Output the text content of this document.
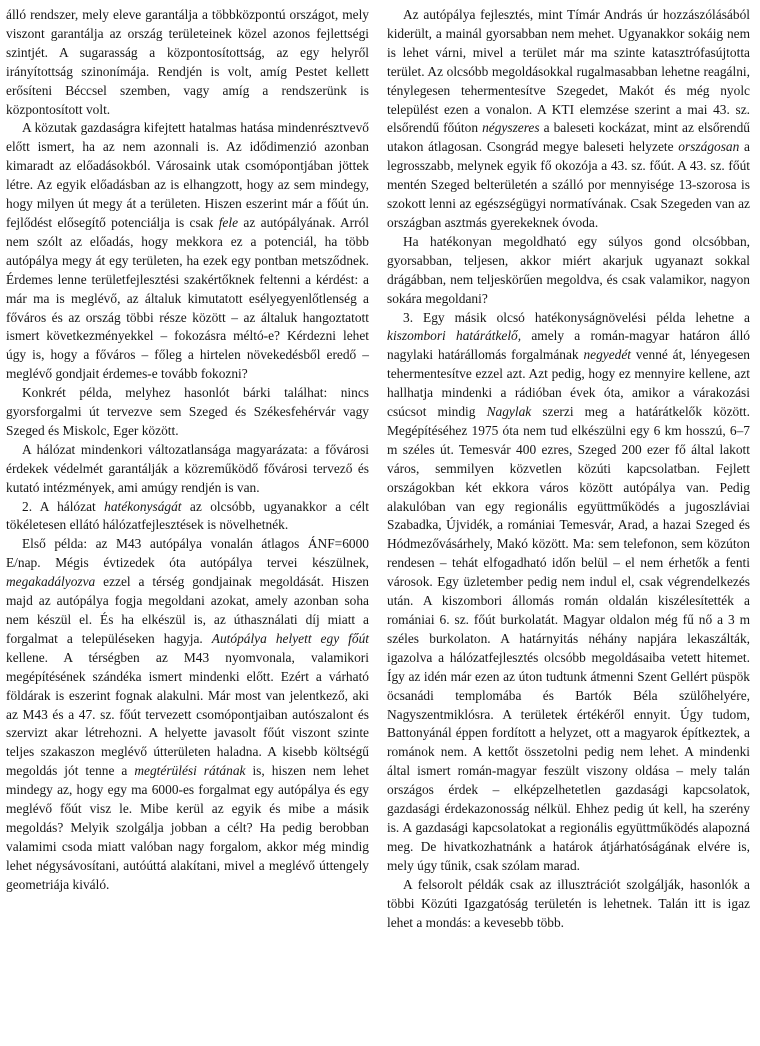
álló rendszer, mely eleve garantálja a többközpontú országot, mely viszont garantálja az ország területeinek közel azonos fejlettségi szintjét. A sugarasság a központosítottság, az egy helyről irányítottság szinonímája. Rendjén is volt, amíg Pestet kellett erősíteni Béccsel szemben, vagy amíg a rendszerünk is központosított volt.

A közutak gazdaságra kifejtett hatalmas hatása mindenrésztvevő előtt ismert, ha az nem azonnali is. Az idődimenzió azonban kimaradt az előadásokból. Városaink utak csomópontjában jöttek létre. Az egyik előadásban az is elhangzott, hogy az sem mindegy, hogy milyen út megy át a területen. Hiszen eszerint már a főút ún. fejlődést elősegítő potenciálja is csak fele az autópályának. Arról nem szólt az előadás, hogy mekkora ez a potenciál, ha több autópálya megy át egy területen, ha ezek egy pontban metsződnek. Érdemes lenne területfejlesztési szakértőknek feltenni a kérdést: a már ma is meglévő, az általuk kimutatott esélyegyenlőtlenség a főváros és az ország többi része között – az általuk hangoztatott ismert következményekkel – fokozásra méltó-e? Kérdezni lehet úgy is, hogy a főváros – főleg a hirtelen növekedésből eredő – meglévő gondjait érdemes-e tovább fokozni?

Konkrét példa, melyhez hasonlót bárki találhat: nincs gyorsforgalmi út tervezve sem Szeged és Székesfehérvár vagy Szeged és Miskolc, Eger között.

A hálózat mindenkori változatlansága magyarázata: a fővárosi érdekek védelmét garantálják a közreműködő fővárosi tervező és kutató intézmények, ami amúgy rendjén is van.

2. A hálózat hatékonyságát az olcsóbb, ugyanakkor a célt tökéletesen ellátó hálózatfejlesztések is növelhetnék.

Első példa: az M43 autópálya vonalán átlagos ÁNF=6000 E/nap. Mégis évtizedek óta autópálya tervei készülnek, megakadályozva ezzel a térség gondjainak megoldását. Hiszen majd az autópálya fogja megoldani azokat, amely azonban soha nem készül el. És ha elkészül is, az úthasználati díj miatt a forgalmat a településeken hagyja. Autópálya helyett egy főút kellene. A térségben az M43 nyomvonala, valamikori megépítésének szándéka ismert mindenki előtt. Ezért a várható földárak is eszerint fognak alakulni. Már most van jelentkező, aki az M43 és a 47. sz. főút tervezett csomópontjaiban autószalont és szervizt akar létrehozni. A helyette javasolt főút viszont szinte teljes szakaszon meglévő útterületen haladna. A kisebb költségű megoldás jót tenne a megtérülési rátának is, hiszen nem lehet mindegy az, hogy egy ma 6000-es forgalmat egy autópálya és egy meglévő főút visz le. Mibe kerül az egyik és mibe a másik megoldás? Melyik szolgálja jobban a célt? Ha pedig berobban valamimi csoda miatt valóban nagy forgalom, akkor még mindig lehet négysávosítani, autóúttá alakítani, mivel a meglévő úttengely geometriája kiváló.

Az autópálya fejlesztés, mint Tímár András úr hozzászólásából kiderült, a mainál gyorsabban nem mehet. Ugyanakkor sokáig nem is lehet várni, mivel a terület már ma szinte katasztrófasújtotta terület. Az olcsóbb megoldásokkal rugalmasabban lehetne reagálni, ténylegesen tehermentesítve Szegedet, Makót és még nyolc települést ezen a vonalon. A KTI elemzése szerint a mai 43. sz. elsőrendű főúton négyszeres a baleseti kockázat, mint az elsőrendű utakon átlagosan. Csongrád megye baleseti helyzete országosan a legrosszabb, melynek egyik fő okozója a 43. sz. főút. A 43. sz. főút mentén Szeged belterületén a szálló por mennyisége 13-szorosa is szokott lenni az egészségügyi normatívának. Csak Szegeden van az országban asztmás gyerekeknek óvoda.

Ha hatékonyan megoldható egy súlyos gond olcsóbban, gyorsabban, teljesen, akkor miért akarjuk ugyanazt sokkal drágábban, nem teljeskörűen megoldva, és csak valamikor, nagyon sokára megoldani?

3. Egy másik olcsó hatékonyságnövelési példa lehetne a kiszombori határátkelő, amely a román-magyar határon álló nagylaki határállomás forgalmának negyedét venné át, lényegesen tehermentesítve ezzel azt. Azt pedig, hogy ez mennyire kellene, azt hallhatja mindenki a rádióban évek óta, amikor a várakozási csúcsot mindig Nagylak szerzi meg a határátkelők között. Megépítéséhez 1975 óta nem tud elkészülni egy 6 km hosszú, 6–7 m széles út. Temesvár 400 ezres, Szeged 200 ezer fő által lakott város, semmilyen közvetlen közúti kapcsolatban. Fejlett országokban két ekkora város között autópálya van. Pedig alakulóban van egy regionális együttműködés a jugoszláviai Szabadka, Újvidék, a romániai Temesvár, Arad, a hazai Szeged és Hódmezővásárhely, Makó között. Ma: sem telefonon, sem közúton rendesen – tehát elfogadható időn belül – el nem érhetők a fenti városok. Egy üzletember pedig nem indul el, csak végrendelkezés után. A kiszombori állomás román oldalán kiszélesítették a romániai 6. sz. főút burkolatát. Magyar oldalon még fű nő a 3 m széles burkolaton. A határnyitás néhány napjára lekaszálták, igazolva a hálózatfejlesztés olcsóbb megoldásaiba vetett hitemet. Így az idén már ezen az úton tudtunk átmenni Szent Gellért püspök öcsanádi templomába és Bartók Béla szülőhelyére, Nagyszentmiklósra. A területek értékéről ennyit. Úgy tudom, Battonyánál éppen fordított a helyzet, ott a magyarok építkeztek, a románok nem. A kettőt összetolni pedig nem lehet. A mindenki által ismert román-magyar feszült viszony oldása – mely talán országos érdek – elképzelhetetlen gazdasági kapcsolatok, gazdasági érdekazonosság nélkül. Ehhez pedig út kell, ha szerény is. A gazdasági kapcsolatokat a regionális együttműködés alapozná meg. De hivatkozhatnánk a határok átjárhatóságának elvére is, mely úgy tűnik, csak szólam marad.

A felsorolt példák csak az illusztrációt szolgálják, hasonlók a többi Közúti Igazgatóság területén is lehetnek. Talán itt is igaz lehet a mondás: a kevesebb több.
